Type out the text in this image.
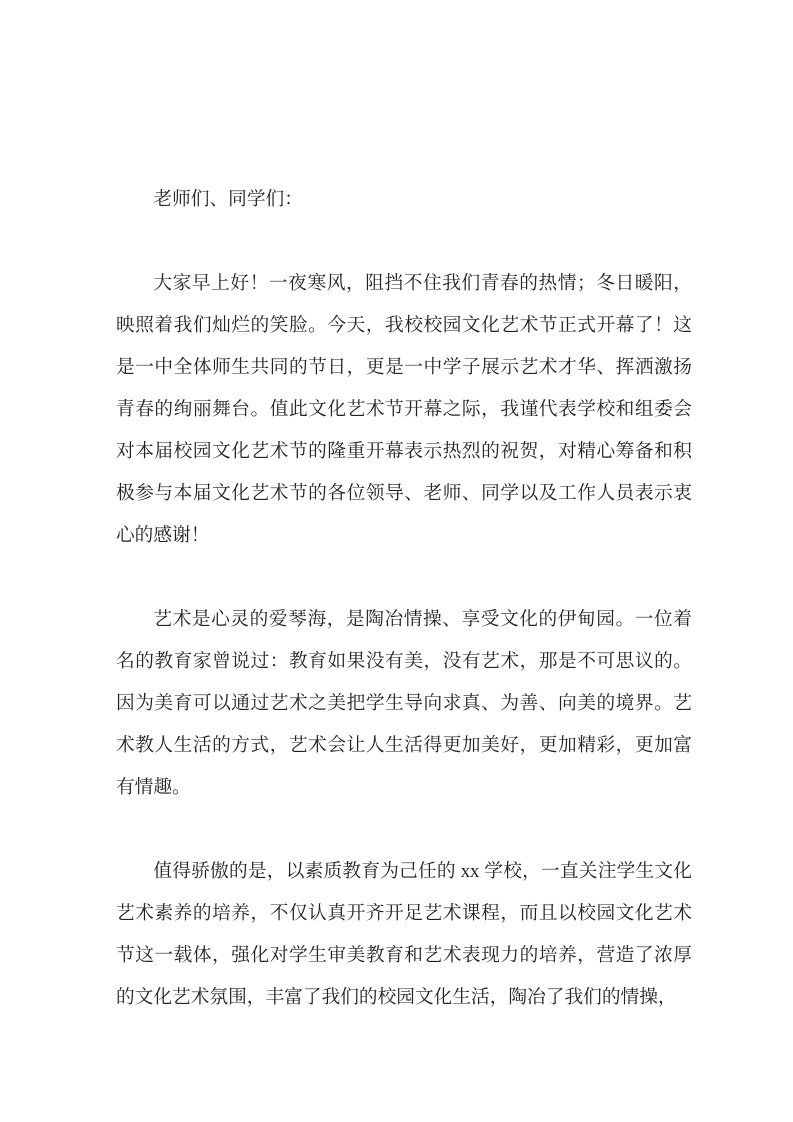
老师们、同学们：

大家早上好！一夜寒风，阻挡不住我们青春的热情；冬日暖阳，映照着我们灿烂的笑脸。今天，我校校园文化艺术节正式开幕了！这是一中全体师生共同的节日，更是一中学子展示艺术才华、挥洒激扬青春的绚丽舞台。值此文化艺术节开幕之际，我谨代表学校和组委会对本届校园文化艺术节的隆重开幕表示热烈的祝贺，对精心筹备和积极参与本届文化艺术节的各位领导、老师、同学以及工作人员表示衷心的感谢！

艺术是心灵的爱琴海，是陶冶情操、享受文化的伊甸园。一位着名的教育家曾说过：教育如果没有美，没有艺术，那是不可思议的。因为美育可以通过艺术之美把学生导向求真、为善、向美的境界。艺术教人生活的方式，艺术会让人生活得更加美好，更加精彩，更加富有情趣。

值得骄傲的是，以素质教育为己任的 xx 学校，一直关注学生文化艺术素养的培养，不仅认真开齐开足艺术课程，而且以校园文化艺术节这一载体，强化对学生审美教育和艺术表现力的培养，营造了浓厚的文化艺术氛围，丰富了我们的校园文化生活，陶冶了我们的情操，
